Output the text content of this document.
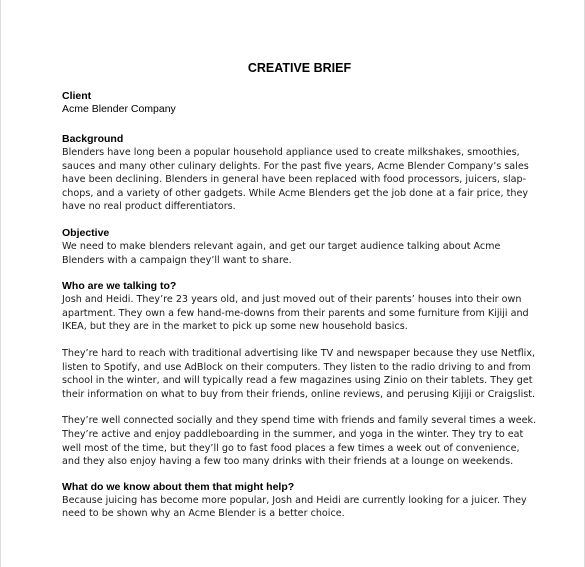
CREATIVE BRIEF
Client
Acme Blender Company
Background

Blenders have long been a popular household appliance used to create milkshakes, smoothies, sauces and many other culinary delights. For the past five years, Acme Blender Company’s sales have been declining. Blenders in general have been replaced with food processors, juicers, slap-chops, and a variety of other gadgets. While Acme Blenders get the job done at a fair price, they have no real product differentiators.

Objective

We need to make blenders relevant again, and get our target audience talking about Acme Blenders with a campaign they’ll want to share.

Who are we talking to?

Josh and Heidi. They’re 23 years old, and just moved out of their parents’ houses into their own apartment. They own a few hand-me-downs from their parents and some furniture from Kijiji and IKEA, but they are in the market to pick up some new household basics.

They’re hard to reach with traditional advertising like TV and newspaper because they use Netflix, listen to Spotify, and use AdBlock on their computers. They listen to the radio driving to and from school in the winter, and will typically read a few magazines using Zinio on their tablets. They get their information on what to buy from their friends, online reviews, and perusing Kijiji or Craigslist.

They’re well connected socially and they spend time with friends and family several times a week. They’re active and enjoy paddleboarding in the summer, and yoga in the winter. They try to eat well most of the time, but they’ll go to fast food places a few times a week out of convenience, and they also enjoy having a few too many drinks with their friends at a lounge on weekends.

What do we know about them that might help?

Because juicing has become more popular, Josh and Heidi are currently looking for a juicer. They need to be shown why an Acme Blender is a better choice.
